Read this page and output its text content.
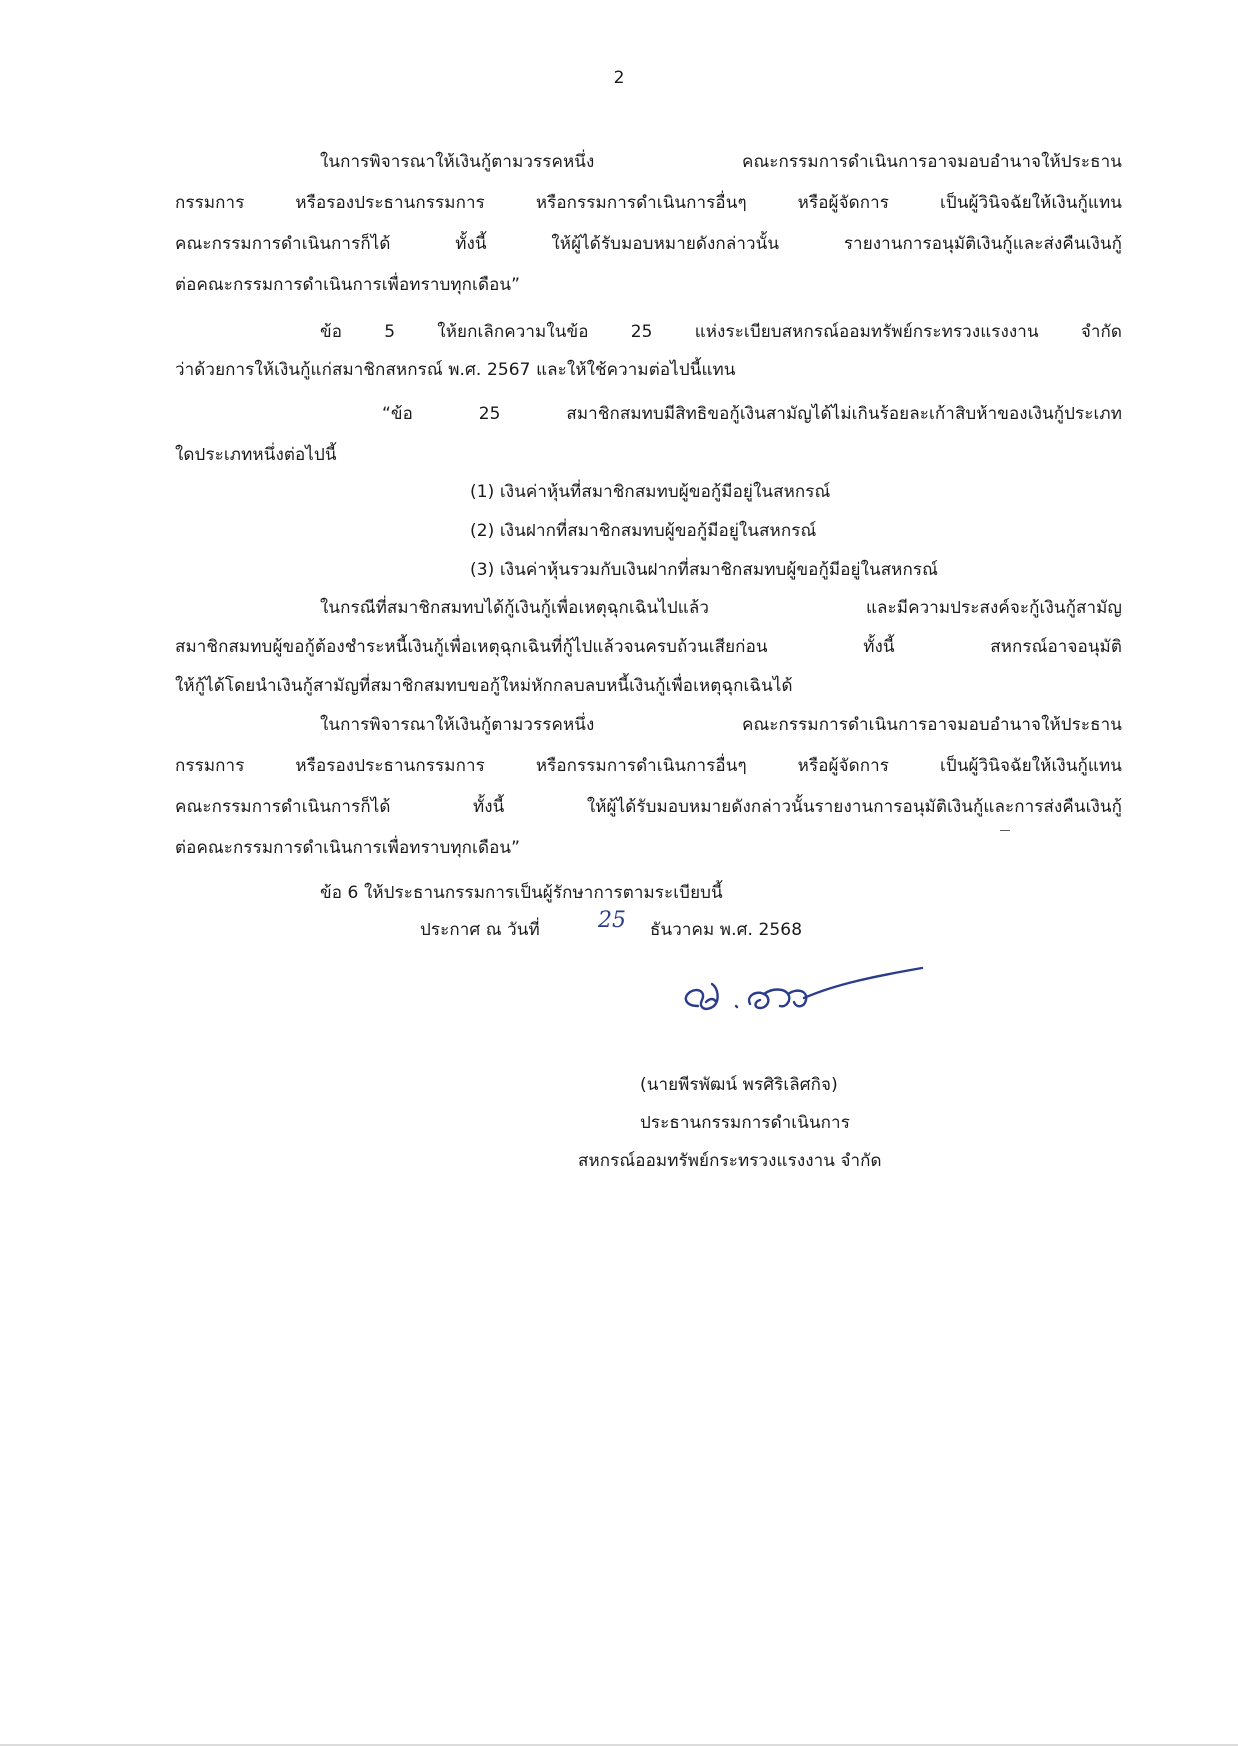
2
ในการพิจารณาให้เงินกู้ตามวรรคหนึ่ง คณะกรรมการดำเนินการอาจมอบอำนาจให้ประธาน
กรรมการ หรือรองประธานกรรมการ หรือกรรมการดำเนินการอื่นๆ หรือผู้จัดการ เป็นผู้วินิจฉัยให้เงินกู้แทน
คณะกรรมการดำเนินการก็ได้ ทั้งนี้ ให้ผู้ได้รับมอบหมายดังกล่าวนั้น รายงานการอนุมัติเงินกู้และส่งคืนเงินกู้
ต่อคณะกรรมการดำเนินการเพื่อทราบทุกเดือน”
ข้อ 5 ให้ยกเลิกความในข้อ 25 แห่งระเบียบสหกรณ์ออมทรัพย์กระทรวงแรงงาน จำกัด
ว่าด้วยการให้เงินกู้แก่สมาชิกสหกรณ์ พ.ศ. 2567 และให้ใช้ความต่อไปนี้แทน
“ข้อ 25 สมาชิกสมทบมีสิทธิขอกู้เงินสามัญได้ไม่เกินร้อยละเก้าสิบห้าของเงินกู้ประเภท
ใดประเภทหนึ่งต่อไปนี้
(1) เงินค่าหุ้นที่สมาชิกสมทบผู้ขอกู้มีอยู่ในสหกรณ์
(2) เงินฝากที่สมาชิกสมทบผู้ขอกู้มีอยู่ในสหกรณ์
(3) เงินค่าหุ้นรวมกับเงินฝากที่สมาชิกสมทบผู้ขอกู้มีอยู่ในสหกรณ์
ในกรณีที่สมาชิกสมทบได้กู้เงินกู้เพื่อเหตุฉุกเฉินไปแล้ว และมีความประสงค์จะกู้เงินกู้สามัญ
สมาชิกสมทบผู้ขอกู้ต้องชำระหนี้เงินกู้เพื่อเหตุฉุกเฉินที่กู้ไปแล้วจนครบถ้วนเสียก่อน ทั้งนี้ สหกรณ์อาจอนุมัติ
ให้กู้ได้โดยนำเงินกู้สามัญที่สมาชิกสมทบขอกู้ใหม่หักกลบลบหนี้เงินกู้เพื่อเหตุฉุกเฉินได้
ในการพิจารณาให้เงินกู้ตามวรรคหนึ่ง คณะกรรมการดำเนินการอาจมอบอำนาจให้ประธาน
กรรมการ หรือรองประธานกรรมการ หรือกรรมการดำเนินการอื่นๆ หรือผู้จัดการ เป็นผู้วินิจฉัยให้เงินกู้แทน
คณะกรรมการดำเนินการก็ได้ ทั้งนี้ ให้ผู้ได้รับมอบหมายดังกล่าวนั้นรายงานการอนุมัติเงินกู้และการส่งคืนเงินกู้
ต่อคณะกรรมการดำเนินการเพื่อทราบทุกเดือน”
ข้อ 6 ให้ประธานกรรมการเป็นผู้รักษาการตามระเบียบนี้
ประกาศ ณ วันที่	25 ธันวาคม พ.ศ. 2568
(นายพีรพัฒน์ พรศิริเลิศกิจ)
ประธานกรรมการดำเนินการ
สหกรณ์ออมทรัพย์กระทรวงแรงงาน จำกัด
